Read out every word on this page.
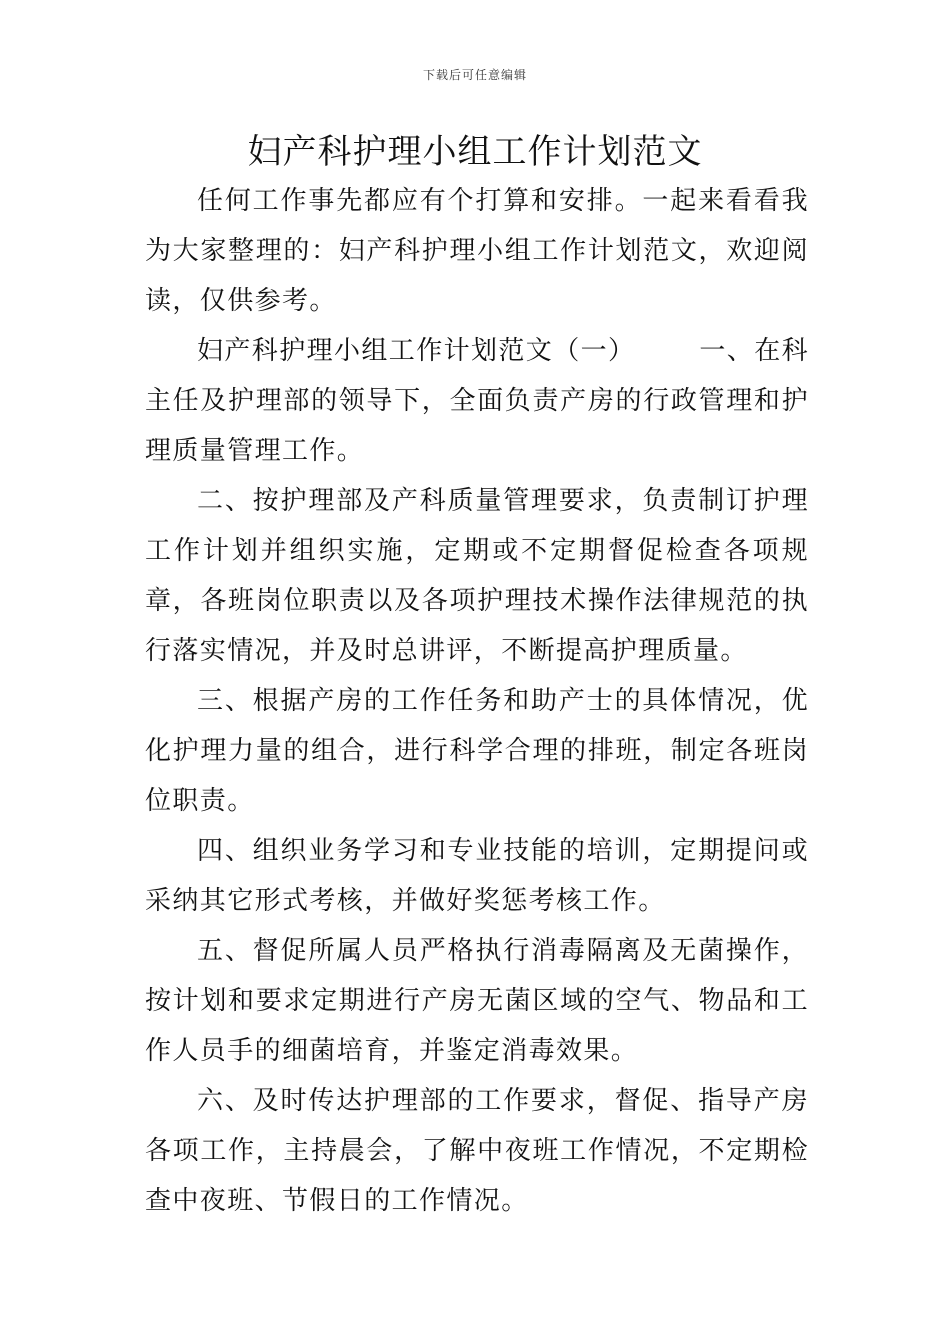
下载后可任意编辑
妇产科护理小组工作计划范文

任何工作事先都应有个打算和安排。一起来看看我为大家整理的：妇产科护理小组工作计划范文，欢迎阅读，仅供参考。

妇产科护理小组工作计划范文（一） 一、在科主任及护理部的领导下，全面负责产房的行政管理和护理质量管理工作。

二、按护理部及产科质量管理要求，负责制订护理工作计划并组织实施，定期或不定期督促检查各项规章，各班岗位职责以及各项护理技术操作法律规范的执行落实情况，并及时总讲评，不断提高护理质量。

三、根据产房的工作任务和助产士的具体情况，优化护理力量的组合，进行科学合理的排班，制定各班岗位职责。

四、组织业务学习和专业技能的培训，定期提问或采纳其它形式考核，并做好奖惩考核工作。

五、督促所属人员严格执行消毒隔离及无菌操作，按计划和要求定期进行产房无菌区域的空气、物品和工作人员手的细菌培育，并鉴定消毒效果。

六、及时传达护理部的工作要求，督促、指导产房各项工作，主持晨会，了解中夜班工作情况，不定期检查中夜班、节假日的工作情况。
